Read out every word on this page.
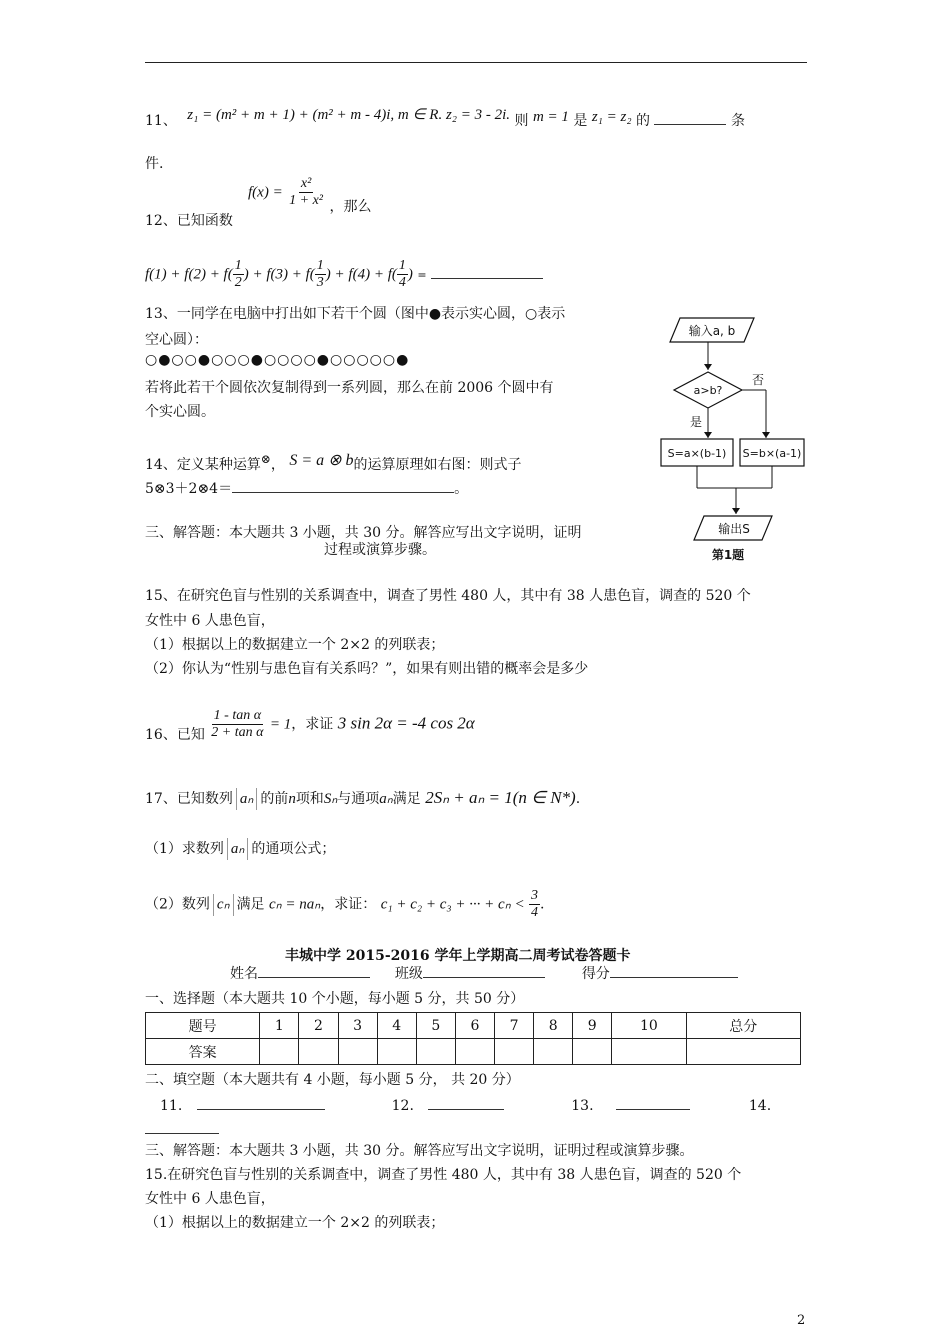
11、 z₁ = (m² + m + 1) + (m² + m - 4)i, m ∈ R. z₂ = 3 - 2i. 则 m = 1 是 z₁ = z₂ 的	条
件.
12、已知函数
$f(x) = \frac{\text{x²}}{\text{1 + x²}}$ ，那么
$f(1) + f(2) + f( \frac{1}{2}$ ) + $f(3) + f( \frac{1}{3}$ ) + $f(4) + f( \frac{1}{4}$ ) =
13、一同学在电脑中打出如下若干个圆（图中●表示实心圆，○表示
空心圆）：
○●○○●○○○●○○○○●○○○○○●
若将此若干个圆依次复制得到一系列圆，那么在前 2006 个圆中有
个实心圆。
14、定义某种运算⊗， S = a ⊗ b的运算原理如右图：则式子
5⊗3＋2⊗4＝	。
输入a, b
a>b?
否
是
S=a×(b-1) S=b×(a-1)
输出S
第1题
三、解答题：本大题共 3 小题，共 30 分。解答应写出文字说明，证明
过程或演算步骤。
15、在研究色盲与性别的关系调查中，调查了男性 480 人，其中有 38 人患色盲，调查的 520 个
女性中 6 人患色盲，
（1）根据以上的数据建立一个 2×2 的列联表；
（2）你认为“性别与患色盲有关系吗？”，如果有则出错的概率会是多少
16、已知 $\frac{\text{1 - tan α}}{\text{2 + tan α}} = 1$，求证 3 sin 2α = -4 cos 2α
17、已知数列 aₙ 的前n项和Sₙ与通项aₙ满足 2Sₙ + aₙ = 1(n ∈ N*).
（1）求数列 aₙ 的通项公式；
（2）数列 cₙ 满足 cₙ = naₙ，求证： c₁ + c₂ + c₃ + ··· + $c_n < \frac{3}{4}$ .
丰城中学 2015-2016 学年上学期高二周考试卷答题卡
姓名	班级	得分
一、选择题（本大题共 10 个小题，每小题 5 分，共 50 分）
题号	1	2	3	4	5	6	7	8	9	10	总分
答案											
二、填空题（本大题共有 4 小题，每小题 5 分， 共 20 分）
11.	12.	13.	14.
三、解答题：本大题共 3 小题，共 30 分。解答应写出文字说明，证明过程或演算步骤。
15.在研究色盲与性别的关系调查中，调查了男性 480 人，其中有 38 人患色盲，调查的 520 个
女性中 6 人患色盲，
（1）根据以上的数据建立一个 2×2 的列联表；
2
